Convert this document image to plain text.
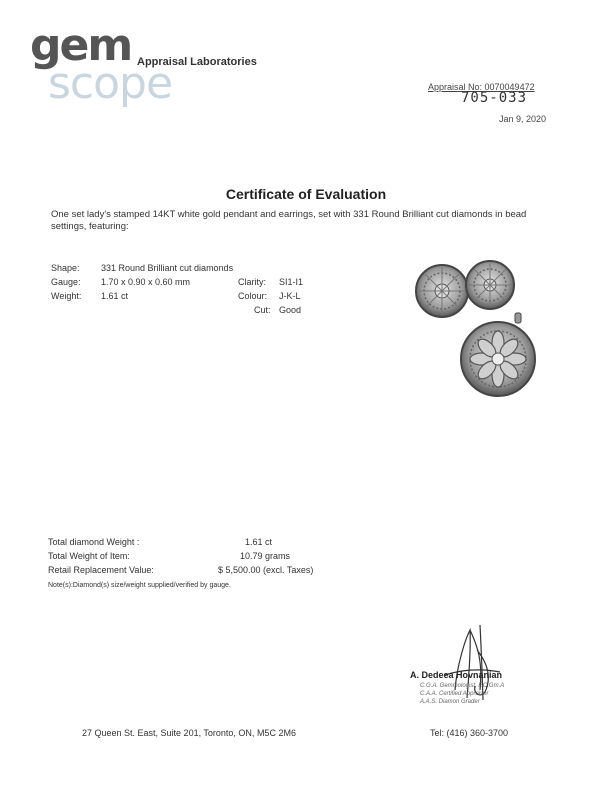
gem
scope
Appraisal Laboratories
Appraisal No: 0070049472
705-033
Jan 9, 2020
Certificate of Evaluation
One set lady's stamped 14KT white gold pendant and earrings, set with 331 Round Brilliant cut diamonds in bead settings, featuring:
Shape: 331 Round Brilliant cut diamonds
Gauge: 1.70 x 0.90 x 0.60 mm
Weight: 1.61 ct
Clarity: SI1-I1
Colour: J-K-L
Cut: Good
Total diamond Weight :	1.61 ct
Total Weight of Item:	10.79 grams
Retail Replacement Value:	$ 5,500.00 (excl. Taxes)
Note(s):Diamond(s) size/weight supplied/verified by gauge.
A. Dedeea Hovnanian
C.G.A. Gemmologist, F.C.Gm.A
C.A.A. Certified Appraiser
A.A.S. Diamon Grader
27 Queen St. East, Suite 201, Toronto, ON, M5C 2M6	Tel: (416) 360-3700
